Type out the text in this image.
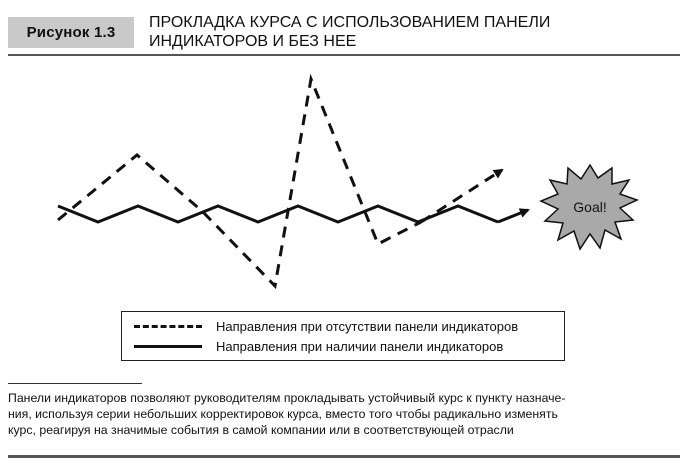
Рисунок 1.3
ПРОКЛАДКА КУРСА С ИСПОЛЬЗОВАНИЕМ ПАНЕЛИ
ИНДИКАТОРОВ И БЕЗ НЕЕ
Goal!
Направления при отсутствии панели индикаторов
Направления при наличии панели индикаторов
Панели индикаторов позволяют руководителям прокладывать устойчивый курс к пункту назначе-
ния, используя серии небольших корректировок курса, вместо того чтобы радикально изменять
курс, реагируя на значимые события в самой компании или в соответствующей отрасли
